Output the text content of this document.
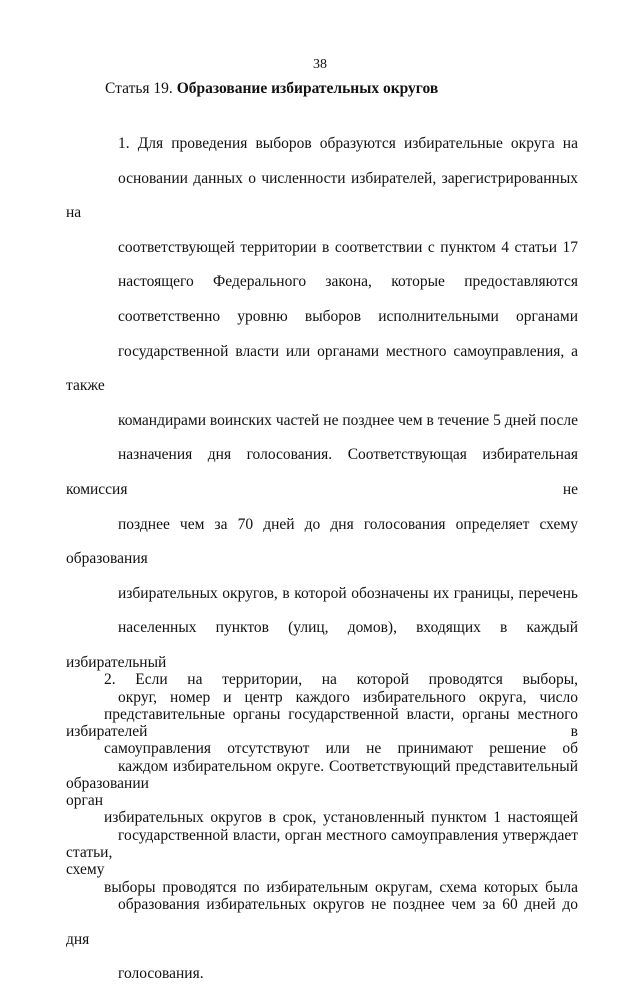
38
Статья 19. Образование избирательных округов
1. Для проведения выборов образуются избирательные округа на
основании данных о численности избирателей, зарегистрированных на
соответствующей территории в соответствии с пунктом 4 статьи 17
настоящего Федерального закона, которые предоставляются
соответственно уровню выборов исполнительными органами
государственной власти или органами местного самоуправления, а также
командирами воинских частей не позднее чем в течение 5 дней после
назначения дня голосования. Соответствующая избирательная комиссия не
позднее чем за 70 дней до дня голосования определяет схему образования
избирательных округов, в которой обозначены их границы, перечень
населенных пунктов (улиц, домов), входящих в каждый избирательный
округ, номер и центр каждого избирательного округа, число избирателей в
каждом избирательном округе. Соответствующий представительный орган
государственной власти, орган местного самоуправления утверждает схему
образования избирательных округов не позднее чем за 60 дней до дня
голосования.
2. Если на территории, на которой проводятся выборы,
представительные органы государственной власти, органы местного
самоуправления отсутствуют или не принимают решение об образовании
избирательных округов в срок, установленный пунктом 1 настоящей статьи,
выборы проводятся по избирательным округам, схема которых была
